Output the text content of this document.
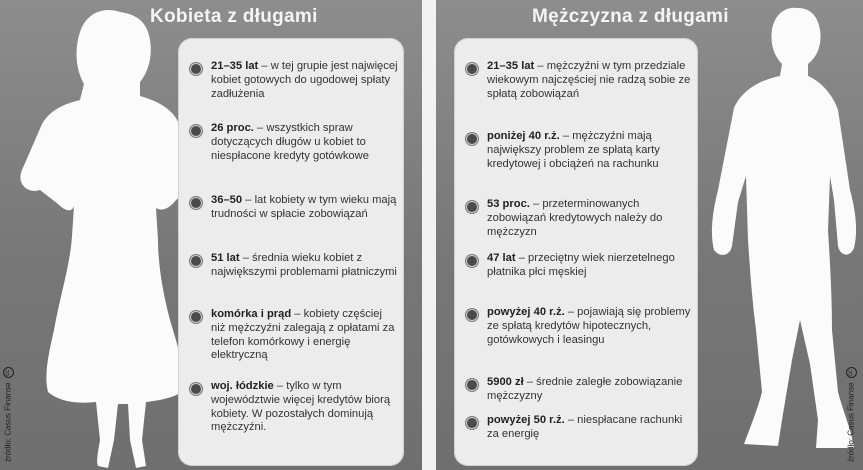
Kobieta z długami
21–35 lat – w tej grupie jest najwięcej kobiet gotowych do ugodowej spłaty zadłużenia
26 proc. – wszystkich spraw dotyczących długów u kobiet to niespłacone kredyty gotówkowe
36–50 – lat kobiety w tym wieku mają trudności w spłacie zobowiązań
51 lat – średnia wieku kobiet z największymi problemami płatniczymi
komórka i prąd – kobiety częściej niż mężczyźni zalegają z opłatami za telefon komórkowy i energię elektryczną
woj. łódzkie – tylko w tym województwie więcej kredytów biorą kobiety. W pozostałych dominują mężczyźni.
źródło: Casus Finansecc
Mężczyzna z długami
21–35 lat – mężczyźni w tym przedziale wiekowym najczęściej nie radzą sobie ze spłatą zobowiązań
poniżej 40 r.ż. – mężczyźni mają największy problem ze spłatą karty kredytowej i obciążeń na rachunku
53 proc. – przeterminowanych zobowiązań kredytowych należy do mężczyzn
47 lat – przeciętny wiek nierzetelnego płatnika płci męskiej
powyżej 40 r.ż. – pojawiają się problemy ze spłatą kredytów hipotecznych, gotówkowych i leasingu
5900 zł – średnie zaległe zobowiązanie mężczyzny
powyżej 50 r.ż. – niespłacane rachunki za energię	źródło: Casus Finansecc
